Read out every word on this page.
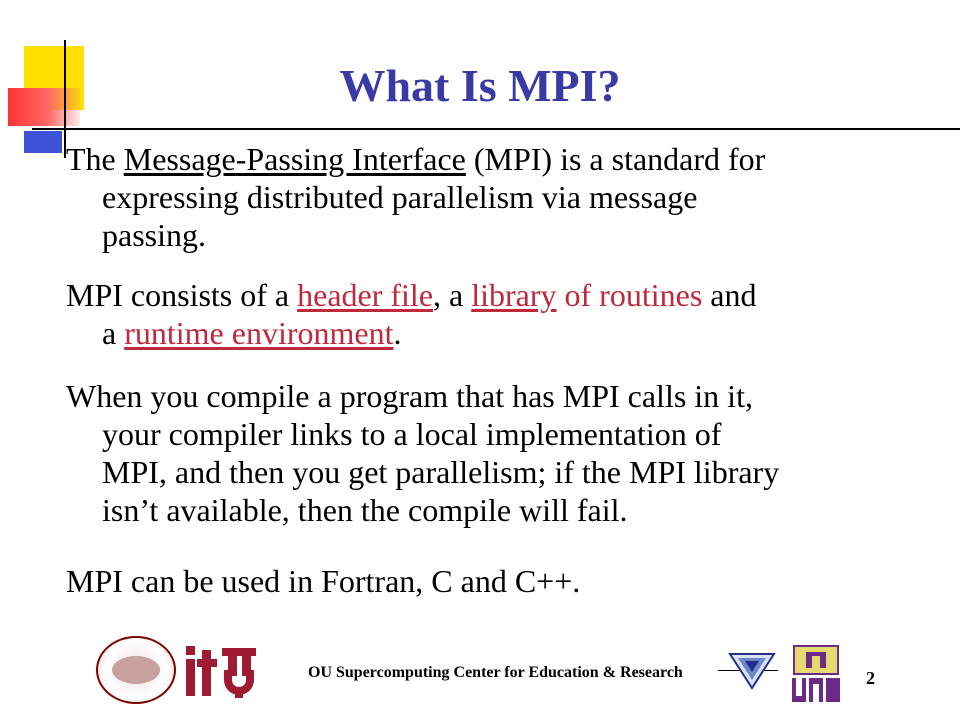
What Is MPI?
The Message-Passing Interface (MPI) is a standard for
expressing distributed parallelism via message
passing.
MPI consists of a header file, a library of routines and
a runtime environment.
When you compile a program that has MPI calls in it,
your compiler links to a local implementation of
MPI, and then you get parallelism; if the MPI library
isn’t available, then the compile will fail.
MPI can be used in Fortran, C and C++.
OU Supercomputing Center for Education & Research	2
